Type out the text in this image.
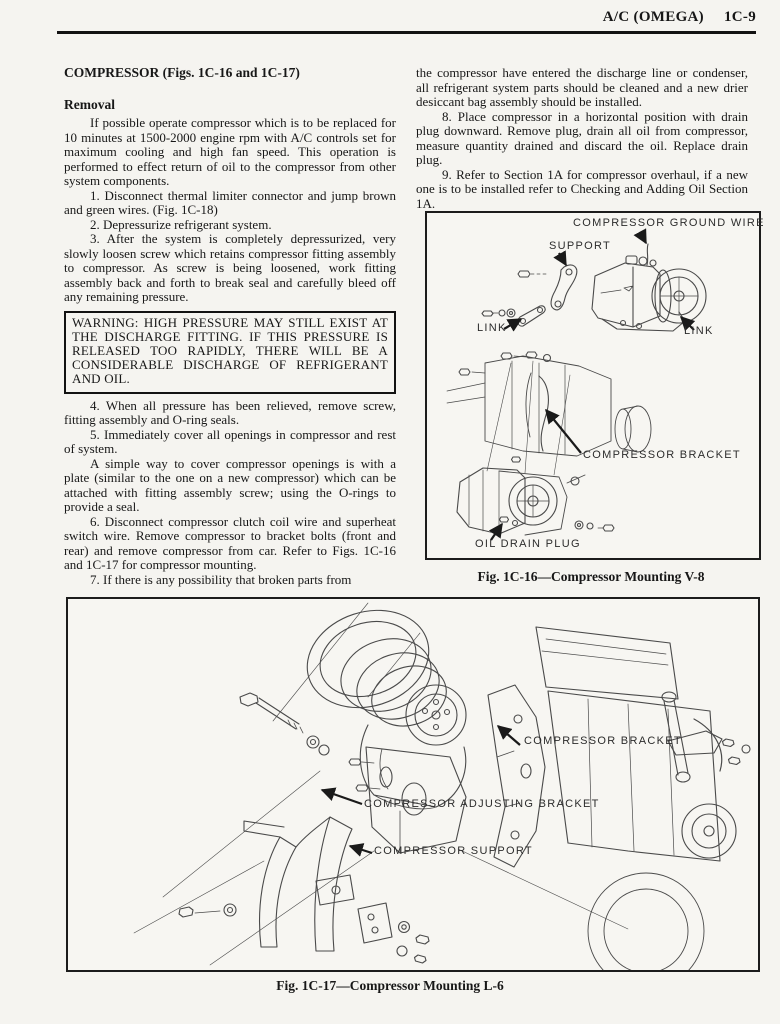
A/C (OMEGA) 1C-9
COMPRESSOR (Figs. 1C-16 and 1C-17)
Removal

If possible operate compressor which is to be replaced for 10 minutes at 1500-2000 engine rpm with A/C controls set for maximum cooling and high fan speed. This operation is performed to effect return of oil to the compressor from other system components.

1. Disconnect thermal limiter connector and jump brown and green wires. (Fig. 1C-18)

2. Depressurize refrigerant system.

3. After the system is completely depressurized, very slowly loosen screw which retains compressor fitting assembly to compressor. As screw is being loosened, work fitting assembly back and forth to break seal and carefully bleed off any remaining pressure.

WARNING: HIGH PRESSURE MAY STILL EXIST AT THE DISCHARGE FITTING. IF THIS PRESSURE IS RELEASED TOO RAPIDLY, THERE WILL BE A CONSIDERABLE DISCHARGE OF REFRIGERANT AND OIL.

4. When all pressure has been relieved, remove screw, fitting assembly and O-ring seals.

5. Immediately cover all openings in compressor and rest of system.

A simple way to cover compressor openings is with a plate (similar to the one on a new compressor) which can be attached with fitting assembly screw; using the O-rings to provide a seal.

6. Disconnect compressor clutch coil wire and superheat switch wire. Remove compressor to bracket bolts (front and rear) and remove compressor from car. Refer to Figs. 1C-16 and 1C-17 for compressor mounting.

7. If there is any possibility that broken parts from

the compressor have entered the discharge line or condenser, all refrigerant system parts should be cleaned and a new drier desiccant bag assembly should be installed.

8. Place compressor in a horizontal position with drain plug downward. Remove plug, drain all oil from compressor, measure quantity drained and discard the oil. Replace drain plug.

9. Refer to Section 1A for compressor overhaul, if a new one is to be installed refer to Checking and Adding Oil Section 1A.

COMPRESSOR GROUND WIRE
SUPPORT
LINK	LINK
COMPRESSOR BRACKET
OIL DRAIN PLUG
Fig. 1C-16—Compressor Mounting V-8
COMPRESSOR BRACKET
COMPRESSOR ADJUSTING BRACKET
COMPRESSOR SUPPORT
Fig. 1C-17—Compressor Mounting L-6
